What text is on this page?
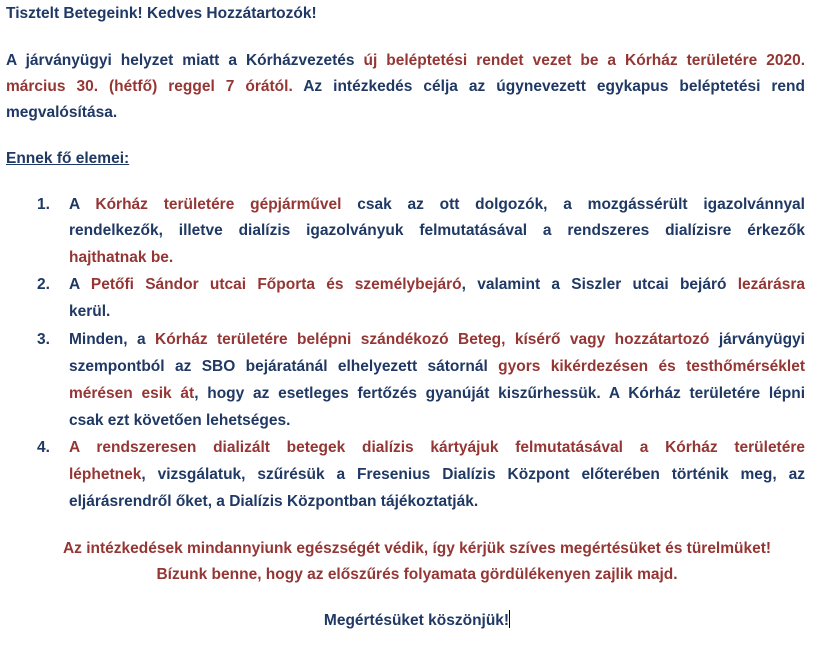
Tisztelt Betegeink! Kedves Hozzátartozók!
A járványügyi helyzet miatt a Kórházvezetés új beléptetési rendet vezet be a Kórház területére 2020.
március 30. (hétfő) reggel 7 órától. Az intézkedés célja az úgynevezett egykapus beléptetési rend
megvalósítása.
Ennek fő elemei:
1. A Kórház területére gépjárművel csak az ott dolgozók, a mozgássérült igazolvánnyal
rendelkezők, illetve dialízis igazolványuk felmutatásával a rendszeres dialízisre érkezők
hajthatnak be.
2. A Petőfi Sándor utcai Főporta és személybejáró, valamint a Siszler utcai bejáró lezárásra
kerül.
3. Minden, a Kórház területére belépni szándékozó Beteg, kísérő vagy hozzátartozó járványügyi
szempontból az SBO bejáratánál elhelyezett sátornál gyors kikérdezésen és testhőmérséklet
mérésen esik át, hogy az esetleges fertőzés gyanúját kiszűrhessük. A Kórház területére lépni
csak ezt követően lehetséges.
4. A rendszeresen dializált betegek dialízis kártyájuk felmutatásával a Kórház területére
léphetnek, vizsgálatuk, szűrésük a Fresenius Dialízis Központ előterében történik meg, az
eljárásrendről őket, a Dialízis Központban tájékoztatják.
Az intézkedések mindannyiunk egészségét védik, így kérjük szíves megértésüket és türelmüket!
Bízunk benne, hogy az előszűrés folyamata gördülékenyen zajlik majd.
Megértésüket köszönjük!
